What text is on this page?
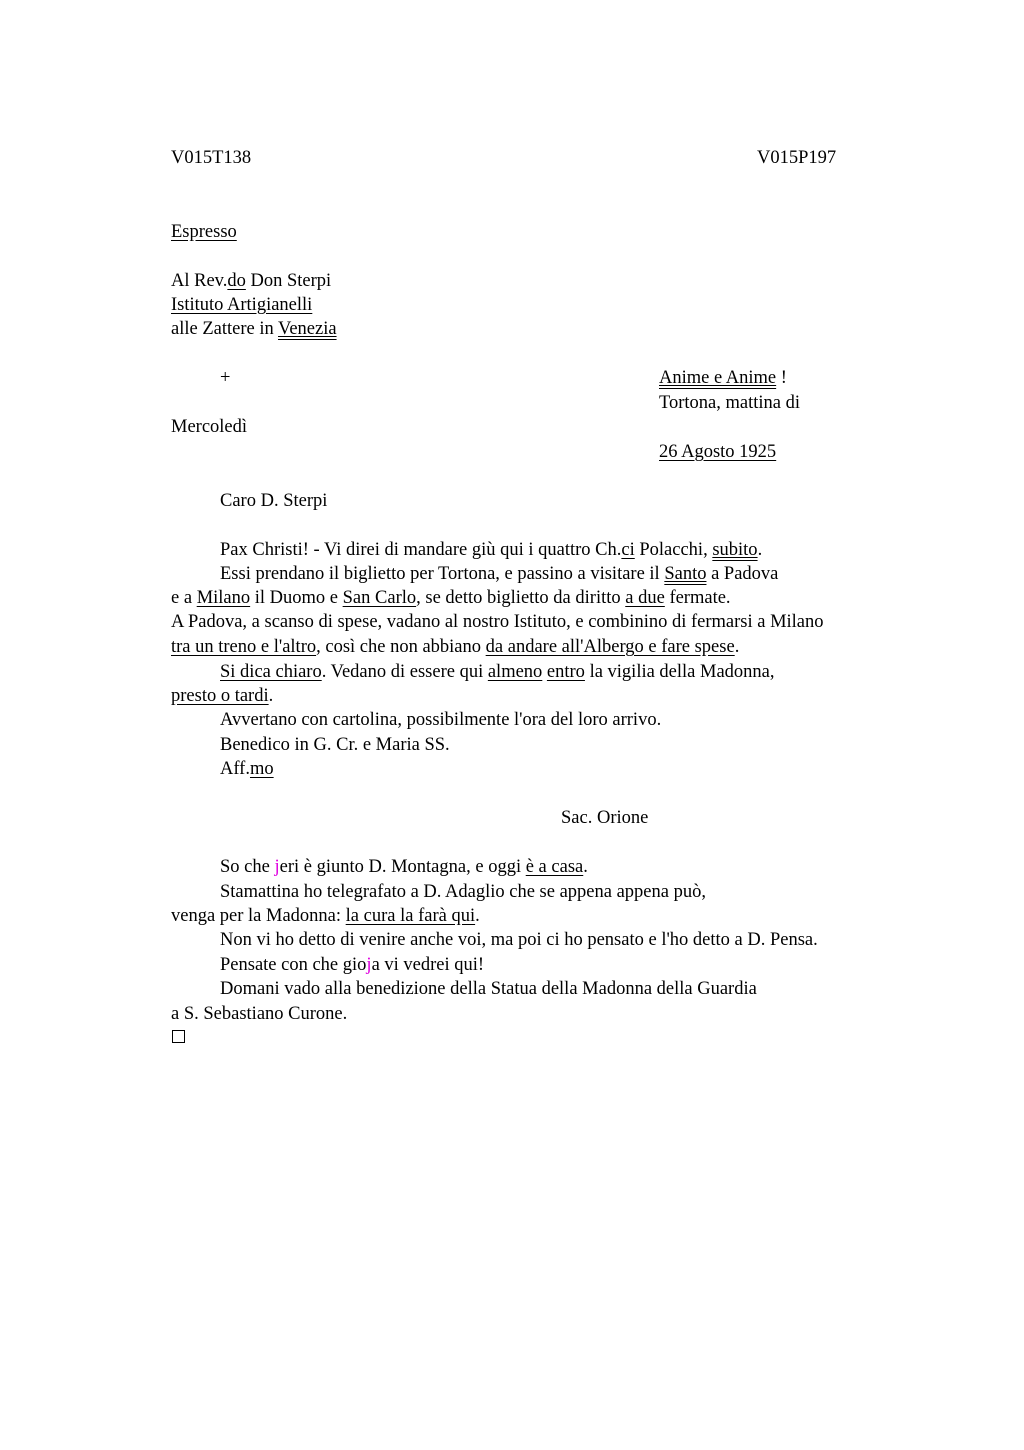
V015T138	V015P197
Espresso
Al Rev.do Don Sterpi
Istituto Artigianelli
alle Zattere in Venezia
+	Anime e Anime !
Tortona, mattina di
Mercoledì
26 Agosto 1925
Caro D. Sterpi
Pax Christi! - Vi direi di mandare giù qui i quattro Ch.ci Polacchi, subito.
Essi prendano il biglietto per Tortona, e passino a visitare il Santo a Padova
e a Milano il Duomo e San Carlo, se detto biglietto da diritto a due fermate.
A Padova, a scanso di spese, vadano al nostro Istituto, e combinino di fermarsi a Milano
tra un treno e l'altro, così che non abbiano da andare all'Albergo e fare spese.
Si dica chiaro. Vedano di essere qui almeno entro la vigilia della Madonna,
presto o tardi.
Avvertano con cartolina, possibilmente l'ora del loro arrivo.
Benedico in G. Cr. e Maria SS.
Aff.mo
Sac. Orione
So che jeri è giunto D. Montagna, e oggi è a casa.
Stamattina ho telegrafato a D. Adaglio che se appena appena può,
venga per la Madonna: la cura la farà qui.
Non vi ho detto di venire anche voi, ma poi ci ho pensato e l'ho detto a D. Pensa.
Pensate con che gioja vi vedrei qui!
Domani vado alla benedizione della Statua della Madonna della Guardia
a S. Sebastiano Curone.
